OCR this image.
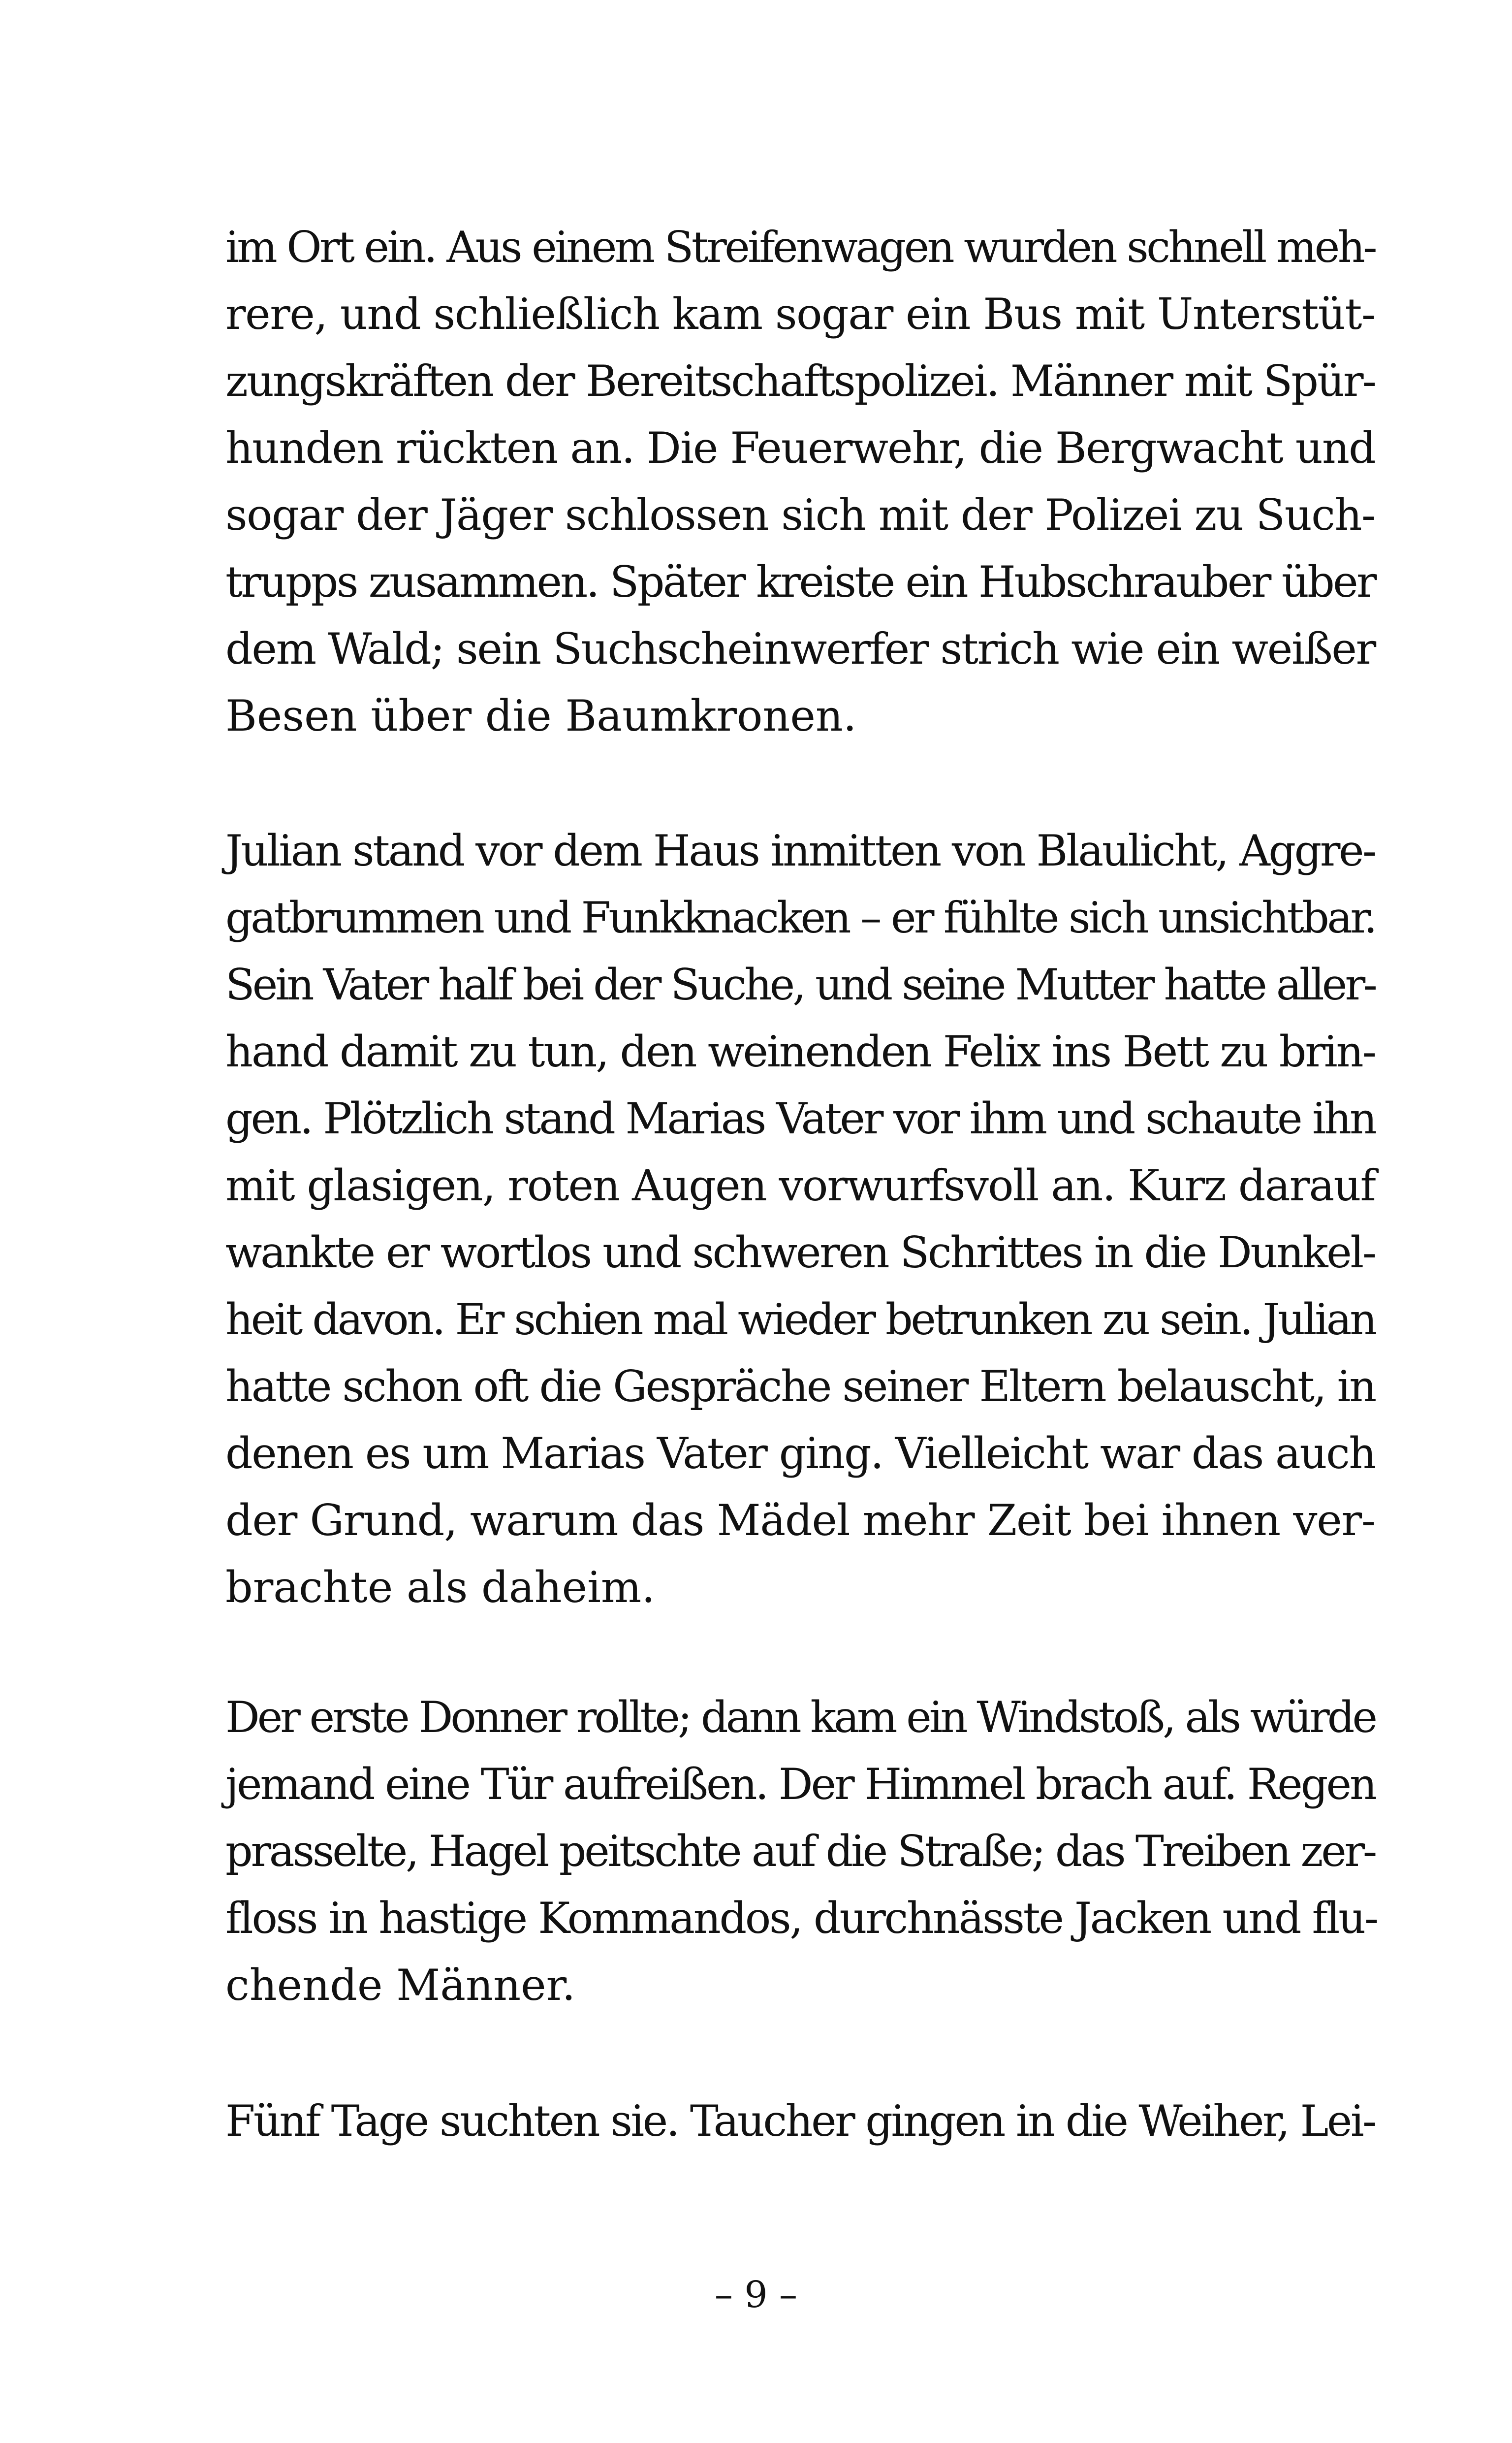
im Ort ein. Aus einem Streifenwagen wurden schnell meh-
rere, und schließlich kam sogar ein Bus mit Unterstüt-
zungskräften der Bereitschaftspolizei. Männer mit Spür-
hunden rückten an. Die Feuerwehr, die Bergwacht und
sogar der Jäger schlossen sich mit der Polizei zu Such-
trupps zusammen. Später kreiste ein Hubschrauber über
dem Wald; sein Suchscheinwerfer strich wie ein weißer
Besen über die Baumkronen.
Julian stand vor dem Haus inmitten von Blaulicht, Aggre-
gatbrummen und Funkknacken – er fühlte sich unsichtbar.
Sein Vater half bei der Suche, und seine Mutter hatte aller-
hand damit zu tun, den weinenden Felix ins Bett zu brin-
gen. Plötzlich stand Marias Vater vor ihm und schaute ihn
mit glasigen, roten Augen vorwurfsvoll an. Kurz darauf
wankte er wortlos und schweren Schrittes in die Dunkel-
heit davon. Er schien mal wieder betrunken zu sein. Julian
hatte schon oft die Gespräche seiner Eltern belauscht, in
denen es um Marias Vater ging. Vielleicht war das auch
der Grund, warum das Mädel mehr Zeit bei ihnen ver-
brachte als daheim.
Der erste Donner rollte; dann kam ein Windstoß, als würde
jemand eine Tür aufreißen. Der Himmel brach auf. Regen
prasselte, Hagel peitschte auf die Straße; das Treiben zer-
floss in hastige Kommandos, durchnässte Jacken und flu-
chende Männer.
Fünf Tage suchten sie. Taucher gingen in die Weiher, Lei-
– 9 –
